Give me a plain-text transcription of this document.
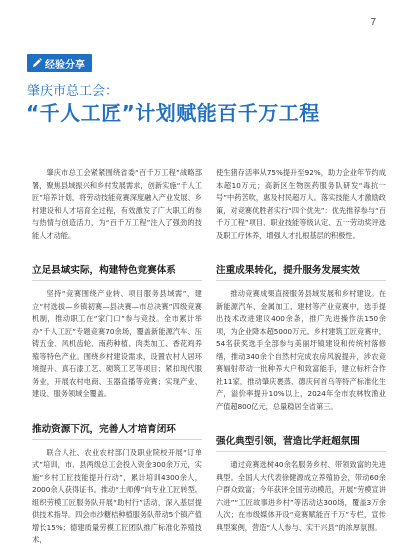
7
经验分享
肇庆市总工会：
“千人工匠”计划赋能百千万工程

肇庆市总工会紧紧围绕省委“百千万工程”战略部署，聚焦县域振兴和乡村发展需求，创新实施“千人工匠”培养计划，将劳动技能竞赛深度融入产业发展、乡村建设和人才培育全过程，有效激发了广大职工的参与热情与创造活力，为“百千万工程”注入了强劲的技能人才动能。

立足县域实际，构建特色竞赛体系

坚持“竞赛围绕产业转、项目服务县域需”，建立“村选拔—乡镇初赛—县决赛—市总决赛”四级竞赛机制，推动职工在“家门口”参与竞技。全市累计举办“千人工匠”专题竞赛70余场，覆盖新能源汽车、压铸五金、风机齿轮、南药种植、肉类加工、香花鸡养殖等特色产业。围绕乡村建设需求，设置农村人居环境提升、真石漆工艺、砌筑工艺等项目；紧扣现代服务业，开展农村电商、玉器直播等竞赛；实现产业、建设、服务领域全覆盖。

推动资源下沉，完善人才培育闭环

联合人社、农业农村部门及职业院校开展“订单式”培训，市、县两级总工会投入资金300余万元，实施“乡村工匠技能提升行动”，累计培训4300余人，2000余人获得证书。推动“土师傅”向专业工匠转型。组织劳模工匠服务队开展“助村行”活动，深入基层提供技术指导。四会市沙糖桔种植服务队带动5个镇产值增长15%；德建质量劳模工匠团队推广标准化养殖技术，

使生猪存活率从75%提升至92%，助力企业年节约成本超10万元；高新区生物医药服务队研发“毒抗一号”中药苦吹，惠及村民超万人。落实技能人才激励政策，对竞赛优胜者实行“四个优先”：优先推荐参与“百千万工程”项目、职业技能等级认定、五一劳动奖评选及职工疗休养，增强人才扎根基层的积极性。

注重成果转化，提升服务发展实效

推动竞赛成果直接服务县域发展和乡村建设。在新能源汽车、金属加工、建材等产业竞赛中，选手提出技术改进建议400余条，推广先进操作法150余项，为企业降本超5000万元。乡村建筑工匠竞赛中，54名获奖选手全部参与美丽圩镇建设和传统村落修缮，推动340余个自然村完成农房风貌提升，涉农竞赛辐射带动一批种养大户和致富能手，建立标杆合作社11家，推动肇庆裹蒸、德庆何首乌等特产标准化生产，溢价率提升10%以上，2024年全市农林牧渔业产值超800亿元，总量稳居全省第三。

强化典型引领，营造比学赶超氛围

通过竞赛选树40余名服务乡村、带领致富的先进典型。全国人大代表徐健源成立养殖协会，带动60余户群众致富；今年获评全国劳动模范，开展“劳模宣讲六进”“工匠故事进乡村”等活动达300场，覆盖3万余人次；在市级媒体开设“竞赛赋能百千万”专栏，宣传典型案例，营造“人人参与、实干兴县”的浓厚氛围。
